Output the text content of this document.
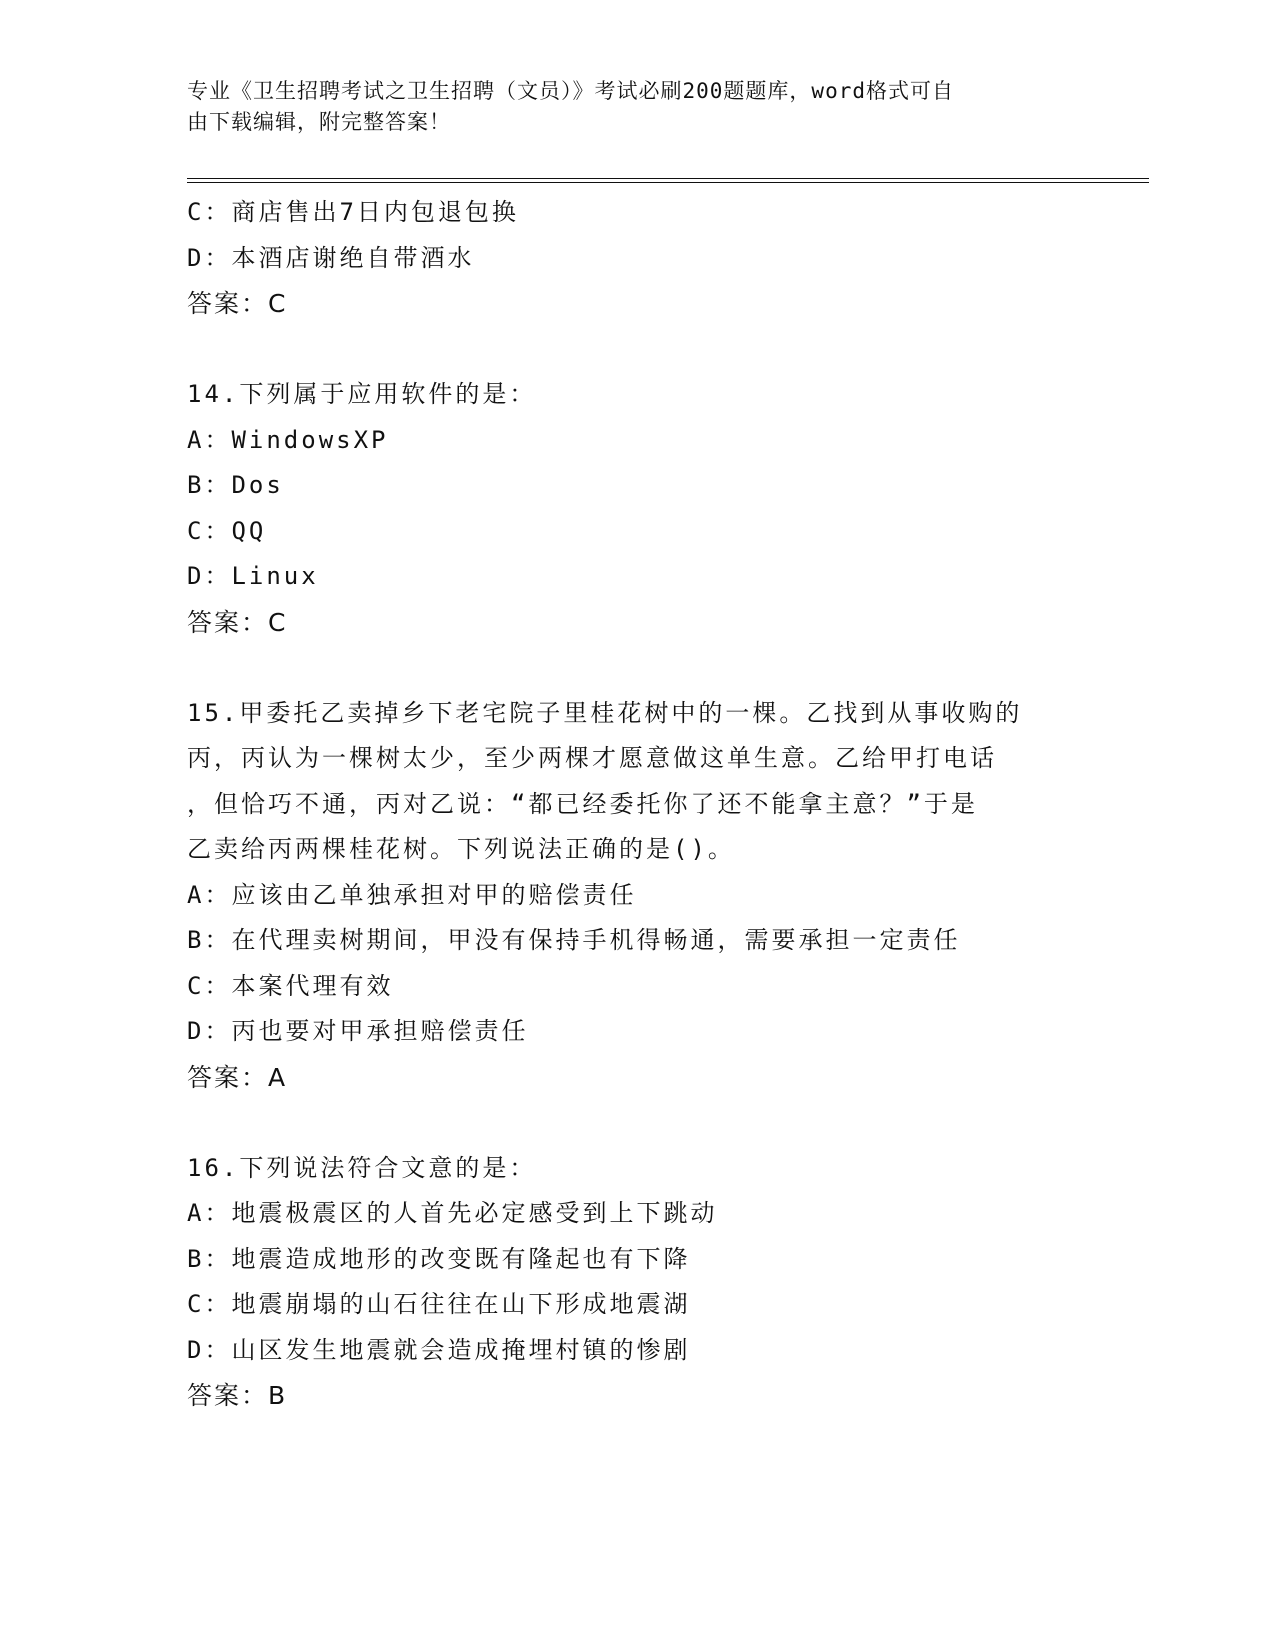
专业《卫生招聘考试之卫生招聘（文员）》考试必刷200题题库，word格式可自
由下载编辑，附完整答案！
C：商店售出7日内包退包换
D：本酒店谢绝自带酒水
答案：C
14.下列属于应用软件的是：
A：WindowsXP
B：Dos
C：QQ
D：Linux
答案：C
15.甲委托乙卖掉乡下老宅院子里桂花树中的一棵。乙找到从事收购的
丙，丙认为一棵树太少，至少两棵才愿意做这单生意。乙给甲打电话
，但恰巧不通，丙对乙说：“都已经委托你了还不能拿主意？”于是
乙卖给丙两棵桂花树。下列说法正确的是()。
A：应该由乙单独承担对甲的赔偿责任
B：在代理卖树期间，甲没有保持手机得畅通，需要承担一定责任
C：本案代理有效
D：丙也要对甲承担赔偿责任
答案：A
16.下列说法符合文意的是：
A：地震极震区的人首先必定感受到上下跳动
B：地震造成地形的改变既有隆起也有下降
C：地震崩塌的山石往往在山下形成地震湖
D：山区发生地震就会造成掩埋村镇的惨剧
答案：B
